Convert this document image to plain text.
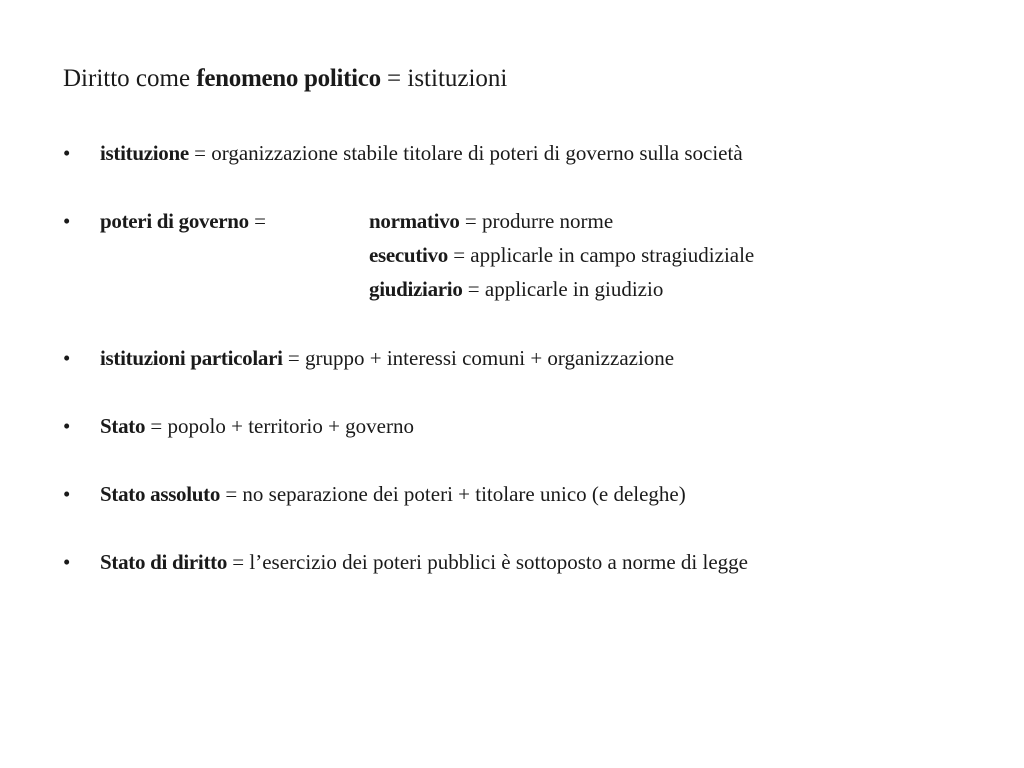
Diritto come fenomeno politico = istituzioni
•	istituzione = organizzazione stabile titolare di poteri di governo sulla società
•	poteri di governo =	normativo = produrre norme
esecutivo = applicarle in campo stragiudiziale
giudiziario = applicarle in giudizio
•	istituzioni particolari = gruppo + interessi comuni + organizzazione
•	Stato = popolo + territorio + governo
•	Stato assoluto = no separazione dei poteri + titolare unico (e deleghe)
•	Stato di diritto = l’esercizio dei poteri pubblici è sottoposto a norme di legge
